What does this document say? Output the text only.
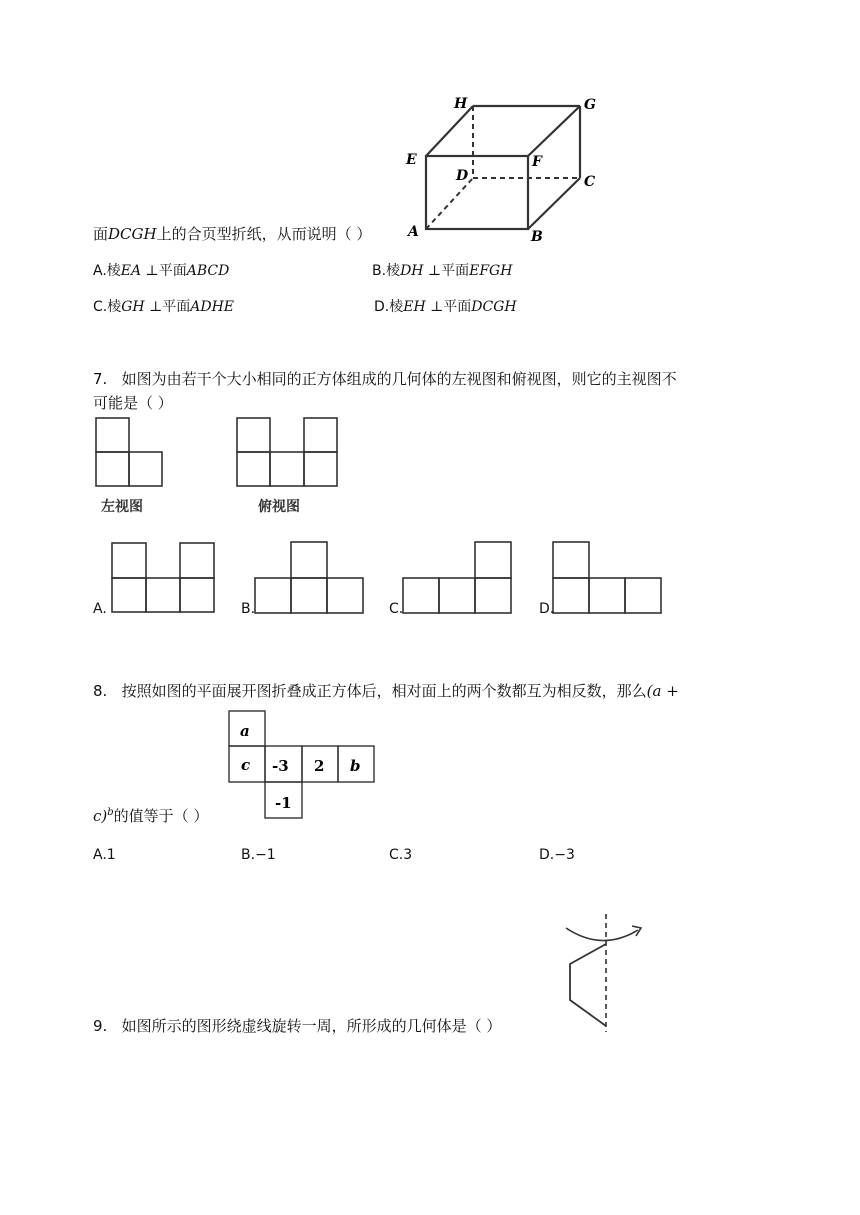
H	G
E	F
D	C
A	B
面DCGH上的合页型折纸，从而说明（ ）
A.棱EA ⊥平面ABCD	B.棱DH ⊥平面EFGH
C.棱GH ⊥平面ADHE	D.棱EH ⊥平面DCGH
7. 如图为由若干个大小相同的正方体组成的几何体的左视图和俯视图，则它的主视图不
可能是（ ）
左视图	俯视图
A.	B.	C.	D.
8. 按照如图的平面展开图折叠成正方体后，相对面上的两个数都互为相反数，那么(a +
a
c -3 2 b
-1
c)$^b$的值等于（ ）
A.1	B.−1	C.3	D.−3
9. 如图所示的图形绕虚线旋转一周，所形成的几何体是（ ）
